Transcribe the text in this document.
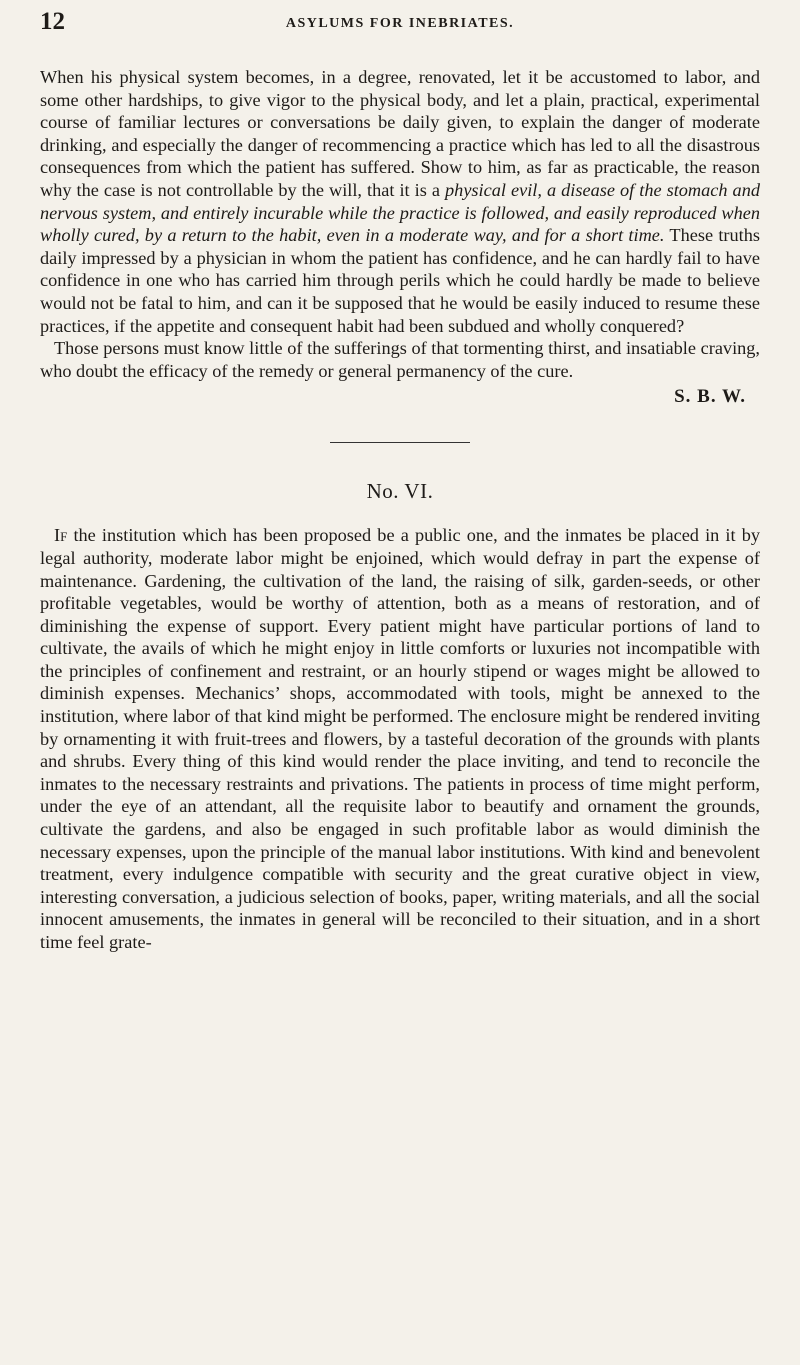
12	ASYLUMS FOR INEBRIATES.

When his physical system becomes, in a degree, renovated, let it be accustomed to labor, and some other hardships, to give vigor to the physical body, and let a plain, practical, experimental course of familiar lectures or conversations be daily given, to explain the danger of moderate drinking, and especially the danger of recommencing a practice which has led to all the disastrous consequences from which the patient has suffered. Show to him, as far as practicable, the reason why the case is not controllable by the will, that it is a physical evil, a disease of the stomach and nervous system, and entirely incurable while the practice is followed, and easily reproduced when wholly cured, by a return to the habit, even in a moderate way, and for a short time. These truths daily impressed by a physician in whom the patient has confidence, and he can hardly fail to have confidence in one who has carried him through perils which he could hardly be made to believe would not be fatal to him, and can it be supposed that he would be easily induced to resume these practices, if the appetite and consequent habit had been subdued and wholly conquered?

Those persons must know little of the sufferings of that tormenting thirst, and insatiable craving, who doubt the efficacy of the remedy or general permanency of the cure.

S. B. W.
No. VI.

If the institution which has been proposed be a public one, and the inmates be placed in it by legal authority, moderate labor might be enjoined, which would defray in part the expense of maintenance. Gardening, the cultivation of the land, the raising of silk, garden-seeds, or other profitable vegetables, would be worthy of attention, both as a means of restoration, and of diminishing the expense of support. Every patient might have particular portions of land to cultivate, the avails of which he might enjoy in little comforts or luxuries not incompatible with the principles of confinement and restraint, or an hourly stipend or wages might be allowed to diminish expenses. Mechanics’ shops, accommodated with tools, might be annexed to the institution, where labor of that kind might be performed. The enclosure might be rendered inviting by ornamenting it with fruit-trees and flowers, by a tasteful decoration of the grounds with plants and shrubs. Every thing of this kind would render the place inviting, and tend to reconcile the inmates to the necessary restraints and privations. The patients in process of time might perform, under the eye of an attendant, all the requisite labor to beautify and ornament the grounds, cultivate the gardens, and also be engaged in such profitable labor as would diminish the necessary expenses, upon the principle of the manual labor institutions. With kind and benevolent treatment, every indulgence compatible with security and the great curative object in view, interesting conversation, a judicious selection of books, paper, writing materials, and all the social innocent amusements, the inmates in general will be reconciled to their situation, and in a short time feel grate-
